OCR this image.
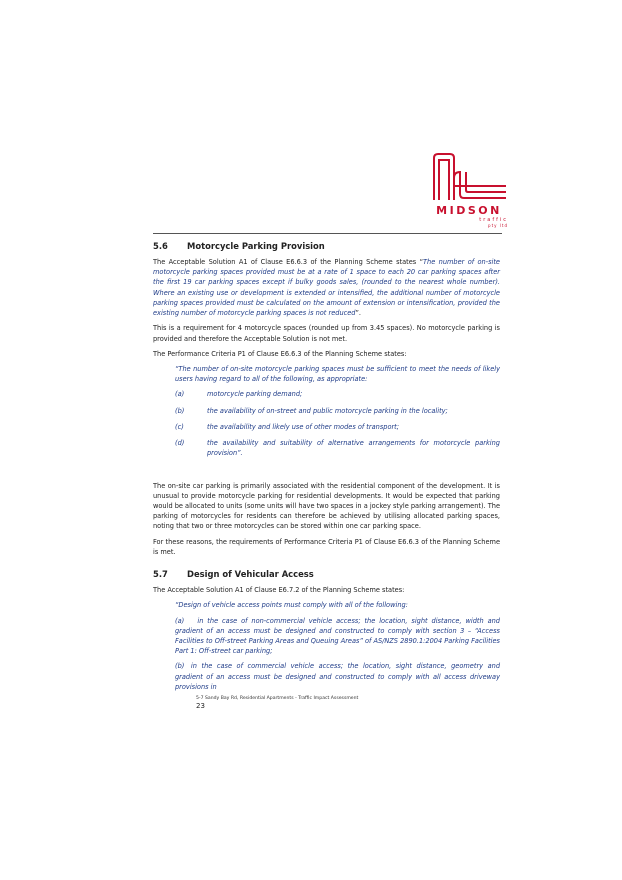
MIDSON
traffic
pty ltd
5.6	Motorcycle Parking Provision

The Acceptable Solution A1 of Clause E6.6.3 of the Planning Scheme states “The number of on-site motorcycle parking spaces provided must be at a rate of 1 space to each 20 car parking spaces after the first 19 car parking spaces except if bulky goods sales, (rounded to the nearest whole number). Where an existing use or development is extended or intensified, the additional number of motorcycle parking spaces provided must be calculated on the amount of extension or intensification, provided the existing number of motorcycle parking spaces is not reduced”.

This is a requirement for 4 motorcycle spaces (rounded up from 3.45 spaces). No motorcycle parking is provided and therefore the Acceptable Solution is not met.

The Performance Criteria P1 of Clause E6.6.3 of the Planning Scheme states:

“The number of on-site motorcycle parking spaces must be sufficient to meet the needs of likely users having regard to all of the following, as appropriate:

(a)	motorcycle parking demand;
(b)	the availability of on-street and public motorcycle parking in the locality;
(c)	the availability and likely use of other modes of transport;
(d)	the availability and suitability of alternative arrangements for motorcycle parking provision”.

The on-site car parking is primarily associated with the residential component of the development. It is unusual to provide motorcycle parking for residential developments. It would be expected that parking would be allocated to units (some units will have two spaces in a jockey style parking arrangement). The parking of motorcycles for residents can therefore be achieved by utilising allocated parking spaces, noting that two or three motorcycles can be stored within one car parking space.

For these reasons, the requirements of Performance Criteria P1 of Clause E6.6.3 of the Planning Scheme is met.

5.7	Design of Vehicular Access

The Acceptable Solution A1 of Clause E6.7.2 of the Planning Scheme states:

“Design of vehicle access points must comply with all of the following:

(a)  in the case of non-commercial vehicle access; the location, sight distance, width and gradient of an access must be designed and constructed to comply with section 3 – “Access Facilities to Off-street Parking Areas and Queuing Areas” of AS/NZS 2890.1:2004 Parking Facilities Part 1: Off-street car parking;

(b) in the case of commercial vehicle access; the location, sight distance, geometry and gradient of an access must be designed and constructed to comply with all access driveway provisions in

5-7 Sandy Bay Rd, Residential Apartments - Traffic Impact Assessment
23
